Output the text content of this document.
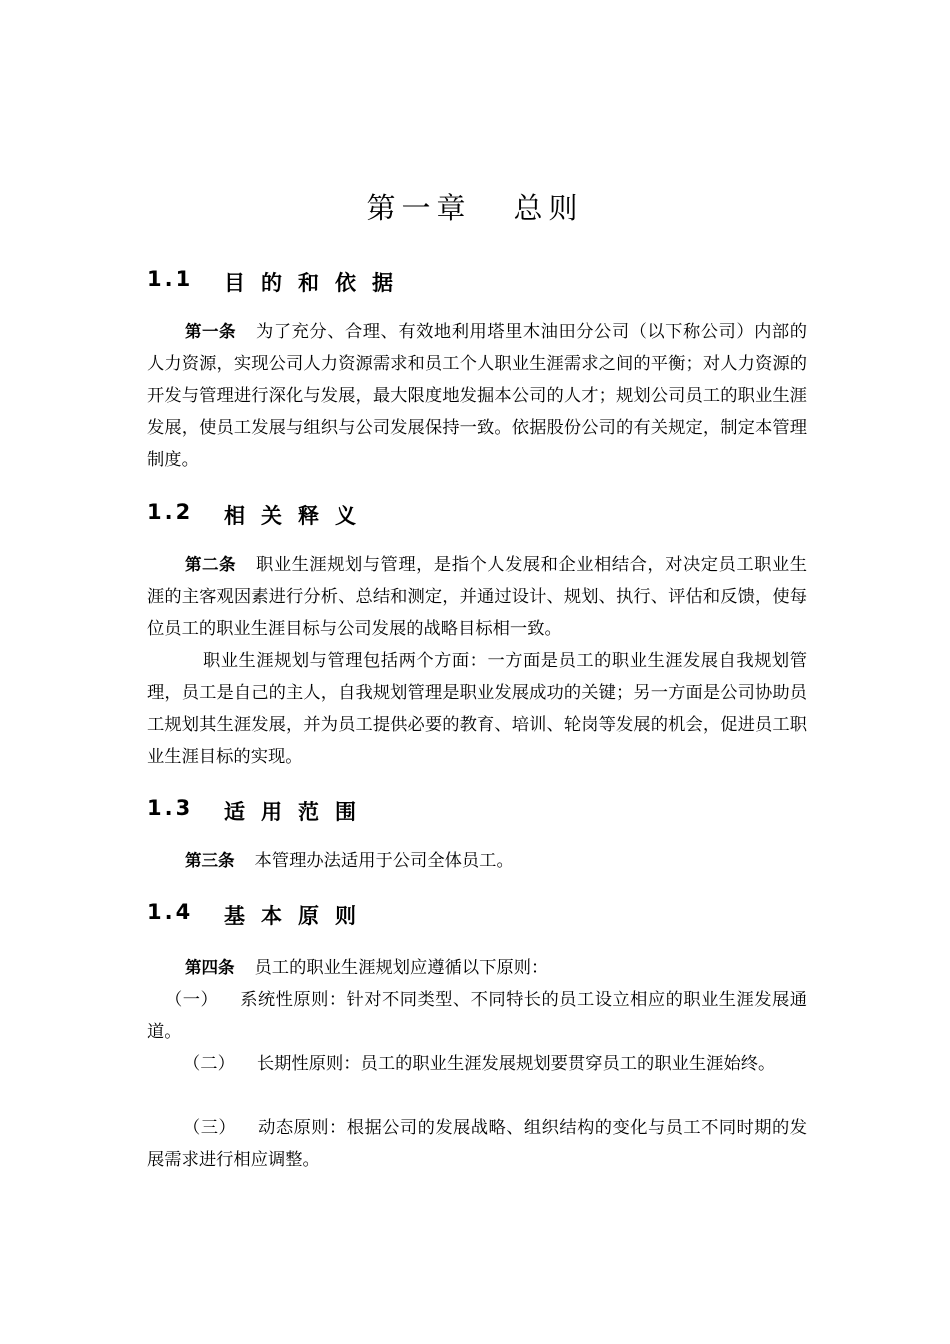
第一章 总则
1.1 目的和依据
第一条 为了充分、合理、有效地利用塔里木油田分公司（以下称公司）内部的人力资源，实现公司人力资源需求和员工个人职业生涯需求之间的平衡；对人力资源的开发与管理进行深化与发展，最大限度地发掘本公司的人才；规划公司员工的职业生涯发展，使员工发展与组织与公司发展保持一致。依据股份公司的有关规定，制定本管理制度。
1.2 相关释义
第二条 职业生涯规划与管理，是指个人发展和企业相结合，对决定员工职业生涯的主客观因素进行分析、总结和测定，并通过设计、规划、执行、评估和反馈，使每位员工的职业生涯目标与公司发展的战略目标相一致。
职业生涯规划与管理包括两个方面：一方面是员工的职业生涯发展自我规划管理，员工是自己的主人，自我规划管理是职业发展成功的关键；另一方面是公司协助员工规划其生涯发展，并为员工提供必要的教育、培训、轮岗等发展的机会，促进员工职业生涯目标的实现。
1.3 适用范围
第三条 本管理办法适用于公司全体员工。
1.4 基本原则
第四条 员工的职业生涯规划应遵循以下原则：
（一） 系统性原则：针对不同类型、不同特长的员工设立相应的职业生涯发展通道。
（二） 长期性原则：员工的职业生涯发展规划要贯穿员工的职业生涯始终。
（三） 动态原则：根据公司的发展战略、组织结构的变化与员工不同时期的发展需求进行相应调整。
